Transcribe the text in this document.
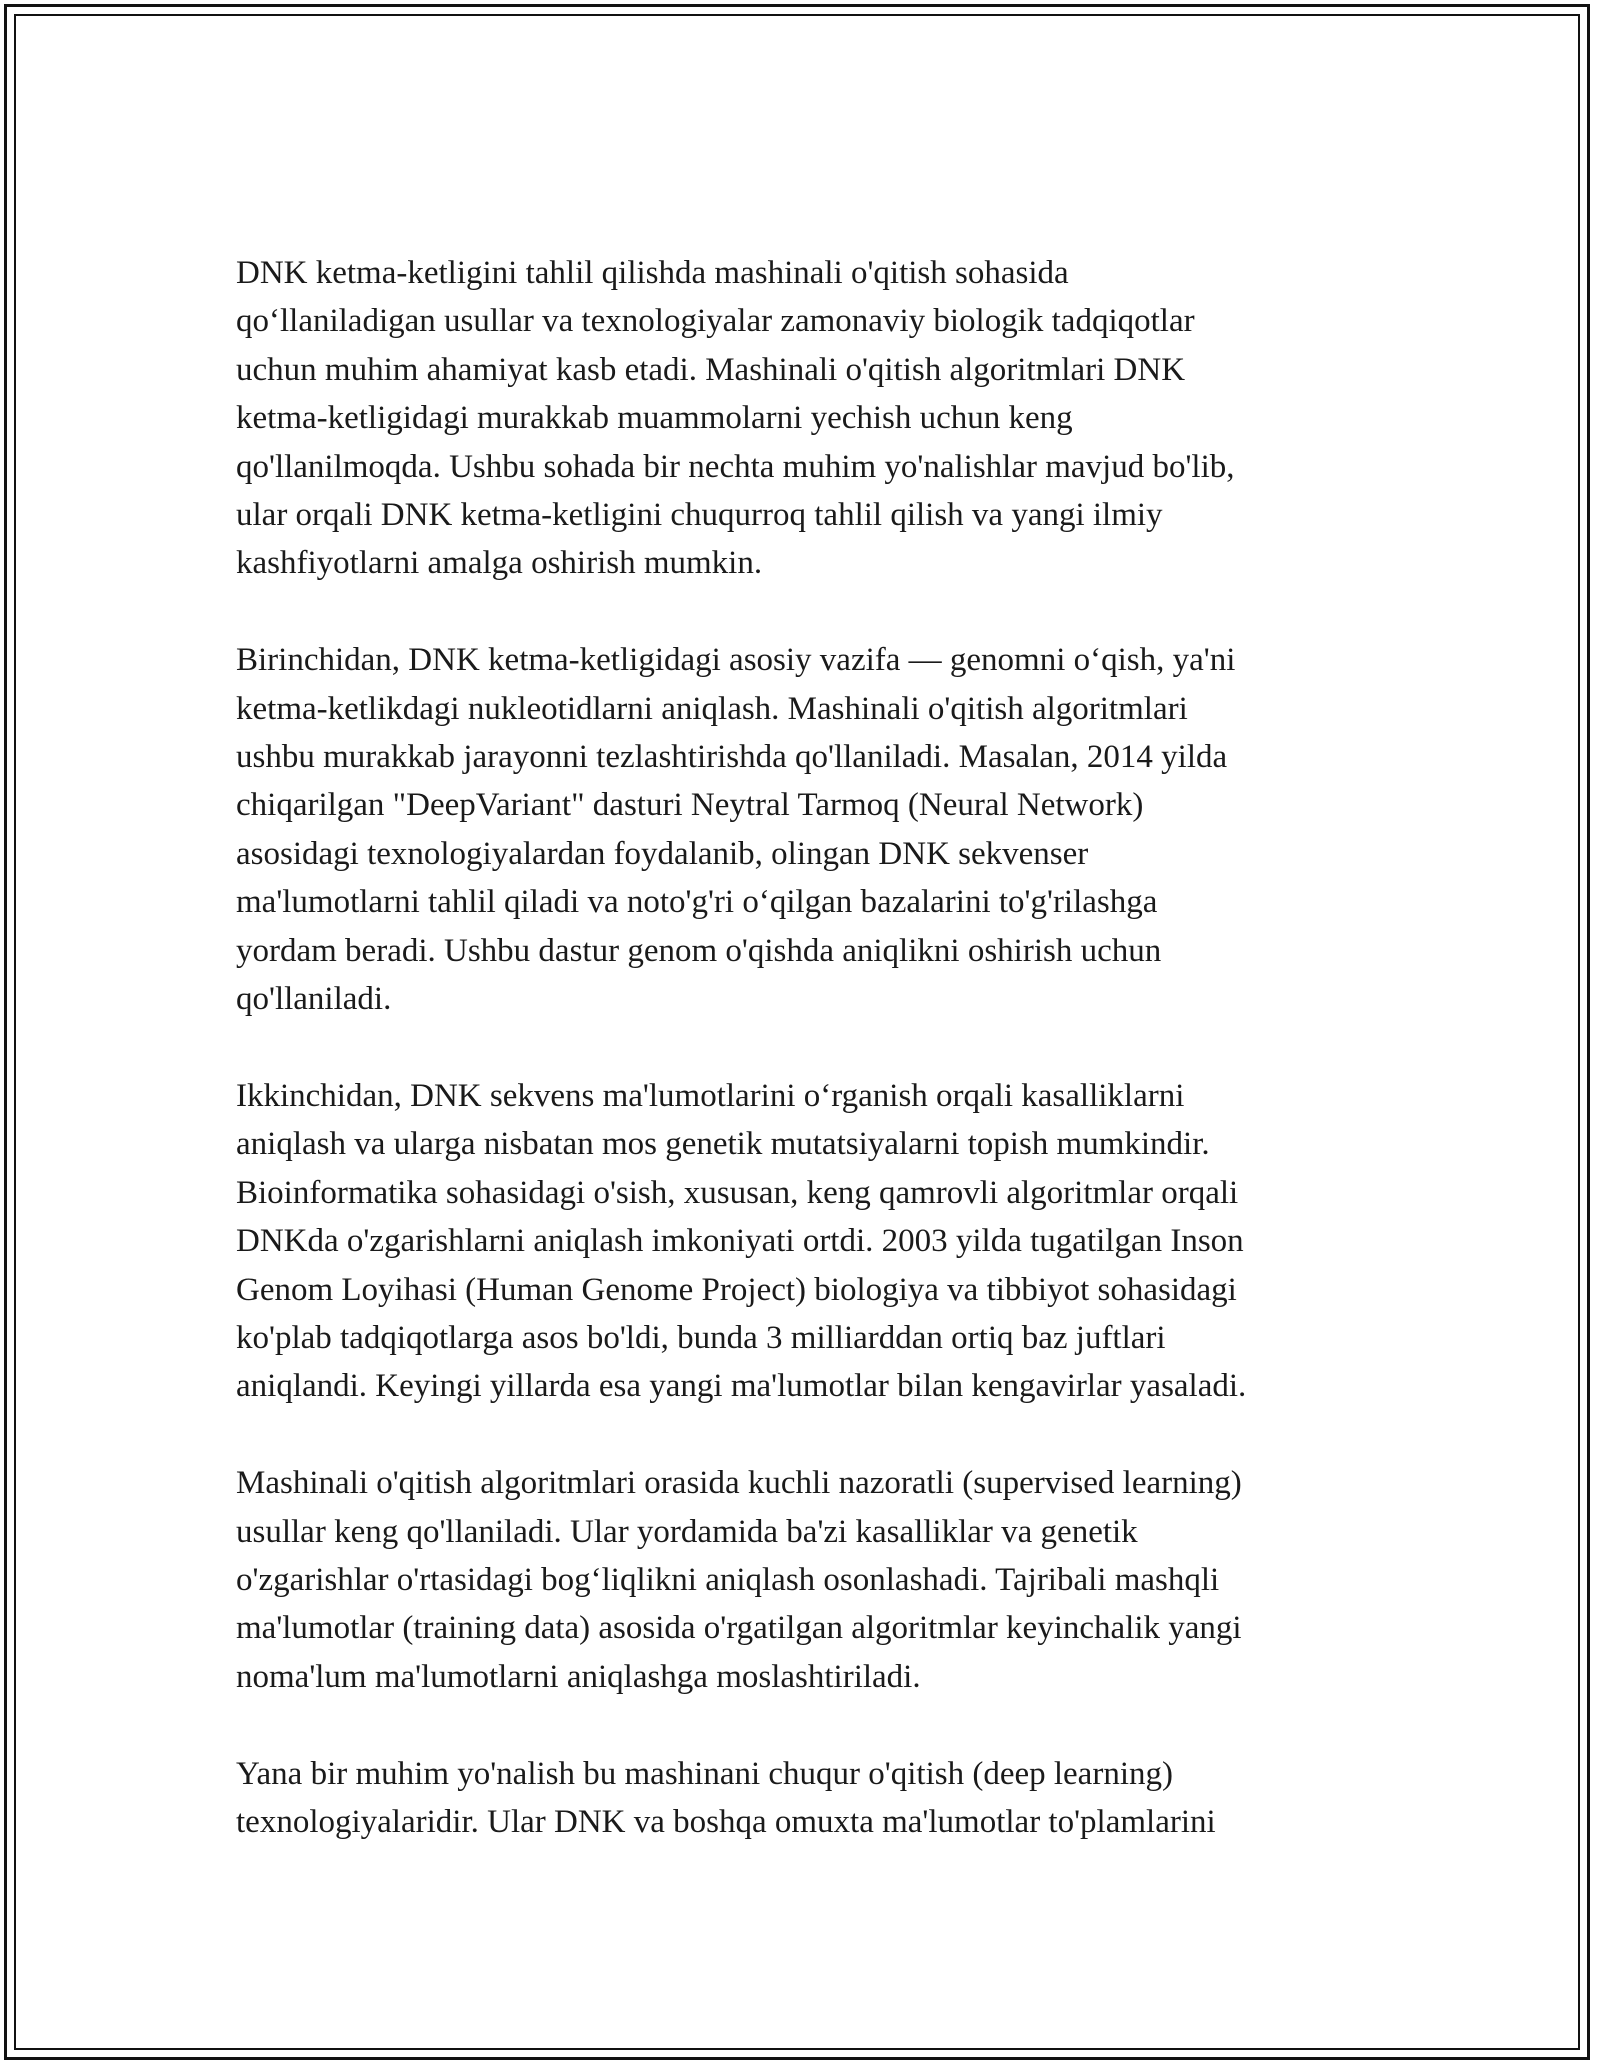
DNK ketma-ketligini tahlil qilishda mashinali o'qitish sohasida
qo‘llaniladigan usullar va texnologiyalar zamonaviy biologik tadqiqotlar
uchun muhim ahamiyat kasb etadi. Mashinali o'qitish algoritmlari DNK
ketma-ketligidagi murakkab muammolarni yechish uchun keng
qo'llanilmoqda. Ushbu sohada bir nechta muhim yo'nalishlar mavjud bo'lib,
ular orqali DNK ketma-ketligini chuqurroq tahlil qilish va yangi ilmiy
kashfiyotlarni amalga oshirish mumkin.

Birinchidan, DNK ketma-ketligidagi asosiy vazifa — genomni o‘qish, ya'ni
ketma-ketlikdagi nukleotidlarni aniqlash. Mashinali o'qitish algoritmlari
ushbu murakkab jarayonni tezlashtirishda qo'llaniladi. Masalan, 2014 yilda
chiqarilgan "DeepVariant" dasturi Neytral Tarmoq (Neural Network)
asosidagi texnologiyalardan foydalanib, olingan DNK sekvenser
ma'lumotlarni tahlil qiladi va noto'g'ri o‘qilgan bazalarini to'g'rilashga
yordam beradi. Ushbu dastur genom o'qishda aniqlikni oshirish uchun
qo'llaniladi.

Ikkinchidan, DNK sekvens ma'lumotlarini o‘rganish orqali kasalliklarni
aniqlash va ularga nisbatan mos genetik mutatsiyalarni topish mumkindir.
Bioinformatika sohasidagi o'sish, xususan, keng qamrovli algoritmlar orqali
DNKda o'zgarishlarni aniqlash imkoniyati ortdi. 2003 yilda tugatilgan Inson
Genom Loyihasi (Human Genome Project) biologiya va tibbiyot sohasidagi
ko'plab tadqiqotlarga asos bo'ldi, bunda 3 milliarddan ortiq baz juftlari
aniqlandi. Keyingi yillarda esa yangi ma'lumotlar bilan kengavirlar yasaladi.

Mashinali o'qitish algoritmlari orasida kuchli nazoratli (supervised learning)
usullar keng qo'llaniladi. Ular yordamida ba'zi kasalliklar va genetik
o'zgarishlar o'rtasidagi bog‘liqlikni aniqlash osonlashadi. Tajribali mashqli
ma'lumotlar (training data) asosida o'rgatilgan algoritmlar keyinchalik yangi
noma'lum ma'lumotlarni aniqlashga moslashtiriladi.

Yana bir muhim yo'nalish bu mashinani chuqur o'qitish (deep learning)
texnologiyalaridir. Ular DNK va boshqa omuxta ma'lumotlar to'plamlarini
